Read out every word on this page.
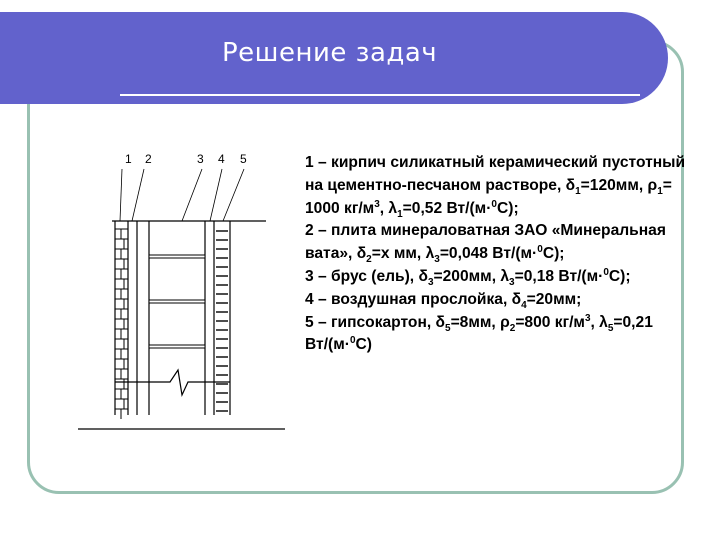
Решение задач
1 2	3 4 5	1 – кирпич силикатный керамический пустотный на цементно-песчаном растворе, $\delta_1=120мм$, $\rho_1= 1000$ $кг/м^3$, $\lambda_1=0,52$ Вт/(м·$^0$С);

2 – плита минераловатная ЗАО «Минеральная вата», $\delta_2=x$ мм, $\lambda_3=0,048$ Вт/(м·$^0$С);

3 – брус (ель), $\delta_3=200мм$, $\lambda_3=0,18$ Вт/(м·$^0$С);

4 – воздушная прослойка, $\delta_4=20мм$;

5 – гипсокартон, $\delta_5=8мм$, $\rho_2=800$ $кг/м^3$, $\lambda_5=0,21$ Вт/(м·$^0$С)
